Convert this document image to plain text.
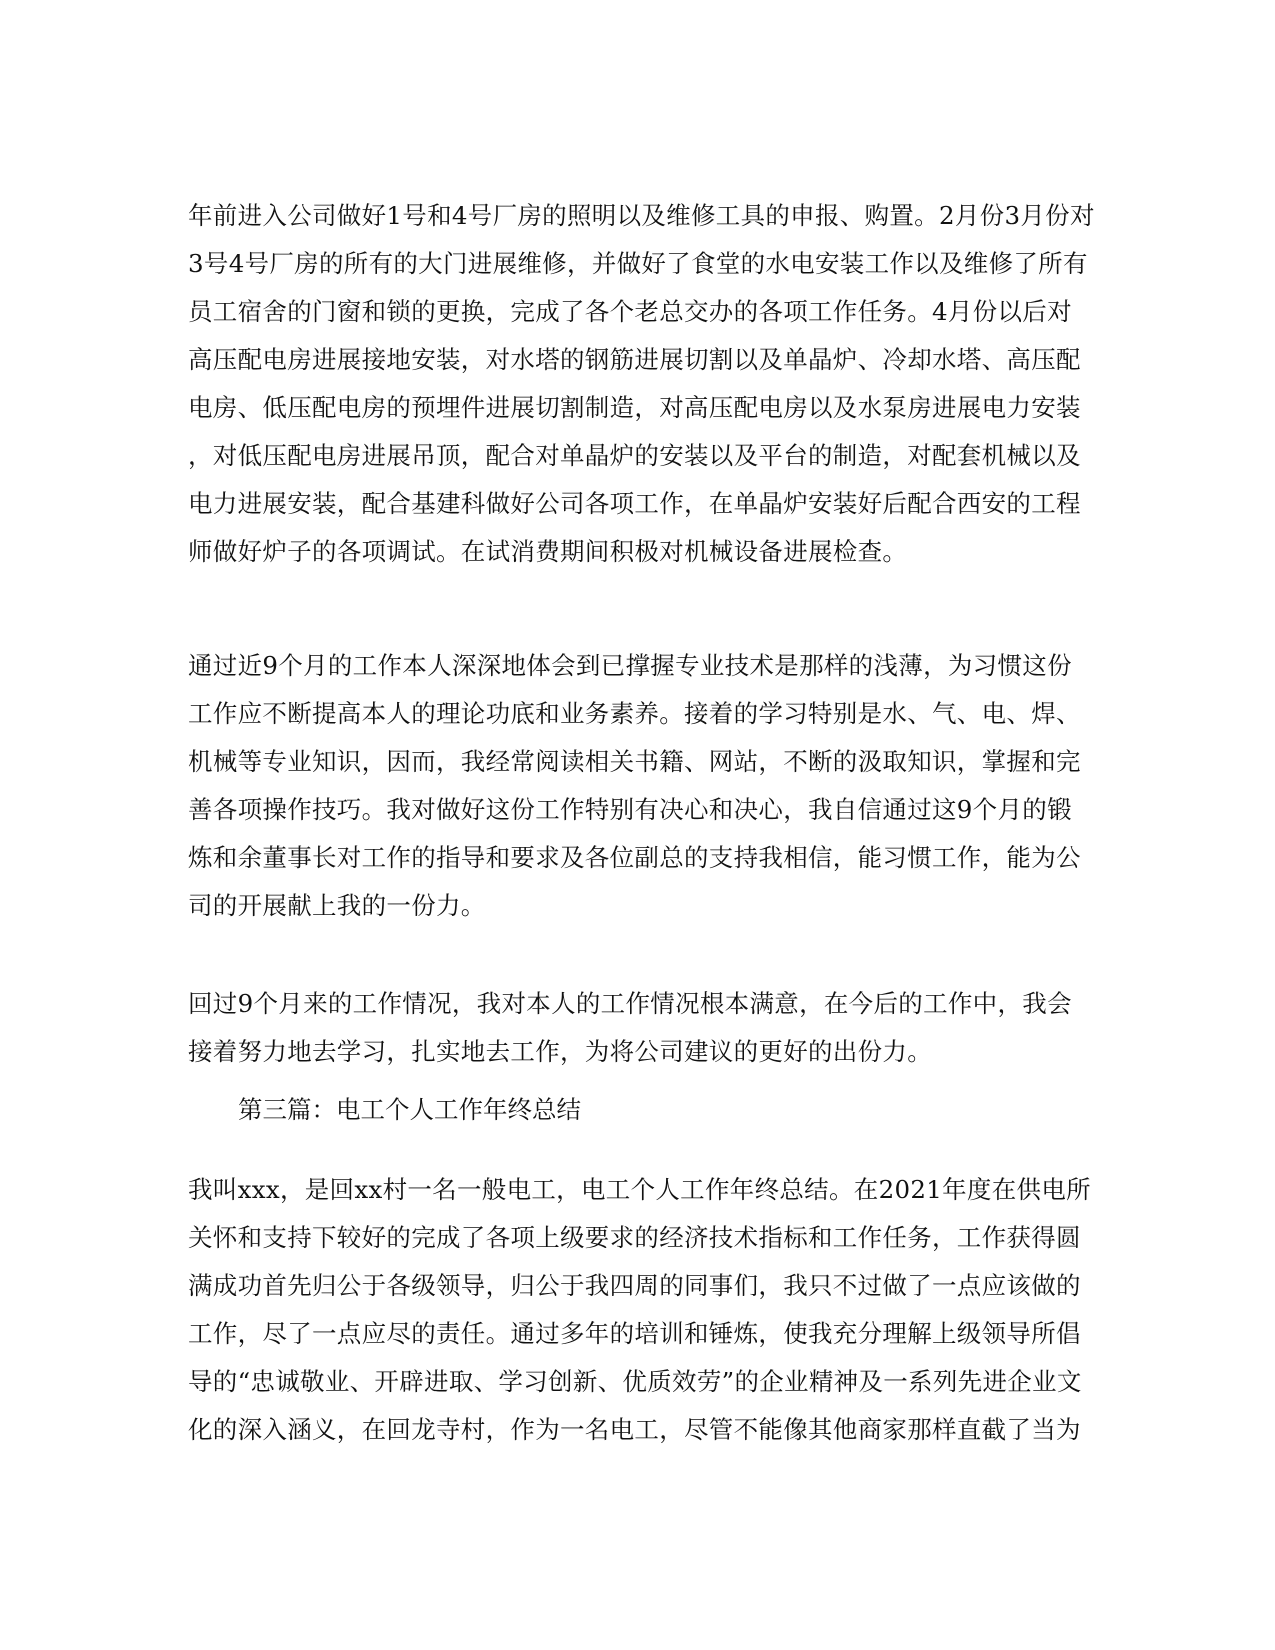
年前进入公司做好1号和4号厂房的照明以及维修工具的申报、购置。2月份3月份对
3号4号厂房的所有的大门进展维修，并做好了食堂的水电安装工作以及维修了所有
员工宿舍的门窗和锁的更换，完成了各个老总交办的各项工作任务。4月份以后对
高压配电房进展接地安装，对水塔的钢筋进展切割以及单晶炉、冷却水塔、高压配
电房、低压配电房的预埋件进展切割制造，对高压配电房以及水泵房进展电力安装
，对低压配电房进展吊顶，配合对单晶炉的安装以及平台的制造，对配套机械以及
电力进展安装，配合基建科做好公司各项工作，在单晶炉安装好后配合西安的工程
师做好炉子的各项调试。在试消费期间积极对机械设备进展检查。
通过近9个月的工作本人深深地体会到已撑握专业技术是那样的浅薄，为习惯这份
工作应不断提高本人的理论功底和业务素养。接着的学习特别是水、气、电、焊、
机械等专业知识，因而，我经常阅读相关书籍、网站，不断的汲取知识，掌握和完
善各项操作技巧。我对做好这份工作特别有决心和决心，我自信通过这9个月的锻
炼和余董事长对工作的指导和要求及各位副总的支持我相信，能习惯工作，能为公
司的开展献上我的一份力。
回过9个月来的工作情况，我对本人的工作情况根本满意，在今后的工作中，我会
接着努力地去学习，扎实地去工作，为将公司建议的更好的出份力。
第三篇：电工个人工作年终总结
我叫xxx，是回xx村一名一般电工，电工个人工作年终总结。在2021年度在供电所
关怀和支持下较好的完成了各项上级要求的经济技术指标和工作任务，工作获得圆
满成功首先归公于各级领导，归公于我四周的同事们，我只不过做了一点应该做的
工作，尽了一点应尽的责任。通过多年的培训和锤炼，使我充分理解上级领导所倡
导的“忠诚敬业、开辟进取、学习创新、优质效劳”的企业精神及一系列先进企业文
化的深入涵义，在回龙寺村，作为一名电工，尽管不能像其他商家那样直截了当为
